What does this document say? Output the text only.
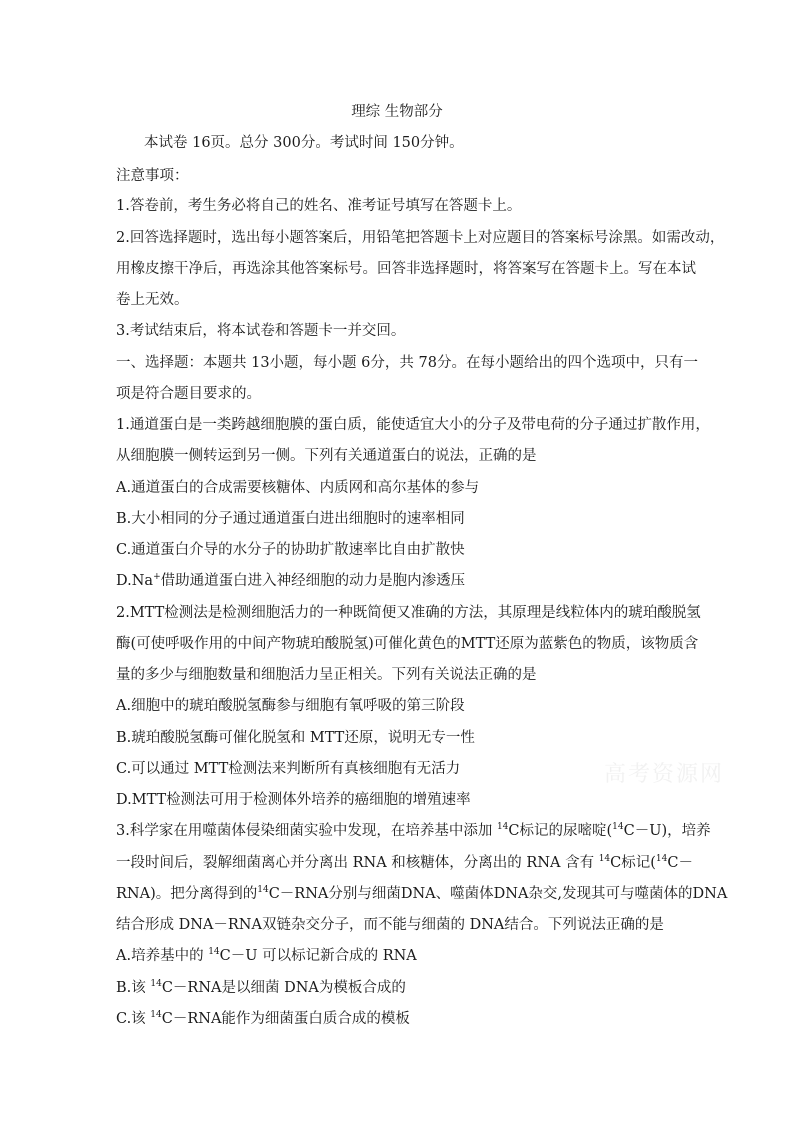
理综 生物部分
本试卷 16页。总分 300分。考试时间 150分钟。
注意事项：
1.答卷前，考生务必将自己的姓名、准考证号填写在答题卡上。
2.回答选择题时，选出每小题答案后，用铅笔把答题卡上对应题目的答案标号涂黑。如需改动，
用橡皮擦干净后，再选涂其他答案标号。回答非选择题时，将答案写在答题卡上。写在本试
卷上无效。
3.考试结束后，将本试卷和答题卡一并交回。
一、选择题：本题共 13小题，每小题 6分，共 78分。在每小题给出的四个选项中，只有一
项是符合题目要求的。
1.通道蛋白是一类跨越细胞膜的蛋白质，能使适宜大小的分子及带电荷的分子通过扩散作用，
从细胞膜一侧转运到另一侧。下列有关通道蛋白的说法，正确的是
A.通道蛋白的合成需要核糖体、内质网和高尔基体的参与
B.大小相同的分子通过通道蛋白进出细胞时的速率相同
C.通道蛋白介导的水分子的协助扩散速率比自由扩散快
D.Na+借助通道蛋白进入神经细胞的动力是胞内渗透压
2.MTT检测法是检测细胞活力的一种既简便又准确的方法，其原理是线粒体内的琥珀酸脱氢
酶(可使呼吸作用的中间产物琥珀酸脱氢)可催化黄色的MTT还原为蓝紫色的物质，该物质含
量的多少与细胞数量和细胞活力呈正相关。下列有关说法正确的是
A.细胞中的琥珀酸脱氢酶参与细胞有氧呼吸的第三阶段
B.琥珀酸脱氢酶可催化脱氢和 MTT还原，说明无专一性
C.可以通过 MTT检测法来判断所有真核细胞有无活力
D.MTT检测法可用于检测体外培养的癌细胞的增殖速率
3.科学家在用噬菌体侵染细菌实验中发现，在培养基中添加 $^{14}$C标记的尿嘧啶($^{14}$C－U)，培养
一段时间后，裂解细菌离心并分离出 RNA 和核糖体，分离出的 RNA 含有 $^{14}$C标记($^{14}$C－
RNA)。把分离得到的$^{14}$C－RNA分别与细菌DNA、噬菌体DNA杂交,发现其可与噬菌体的DNA
结合形成 DNA－RNA双链杂交分子，而不能与细菌的 DNA结合。下列说法正确的是
A.培养基中的 $^{14}$C－U 可以标记新合成的 RNA
B.该 $^{14}$C－RNA是以细菌 DNA为模板合成的
C.该 $^{14}$C－RNA能作为细菌蛋白质合成的模板
高考资源网
